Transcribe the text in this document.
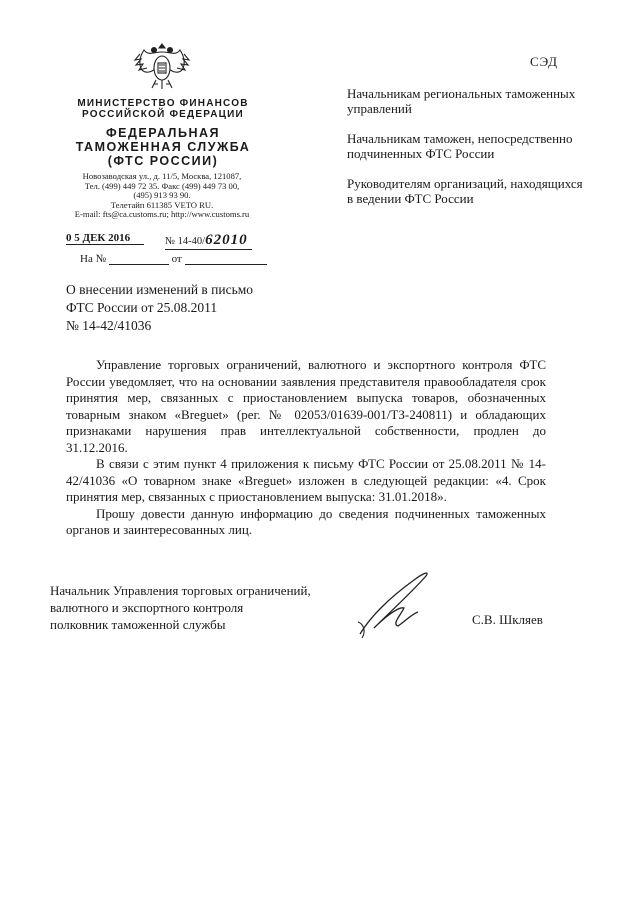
СЭД
МИНИСТЕРСТВО ФИНАНСОВ
РОССИЙСКОЙ ФЕДЕРАЦИИ
ФЕДЕРАЛЬНАЯ
ТАМОЖЕННАЯ СЛУЖБА
(ФТС РОССИИ)
Новозаводская ул., д. 11/5, Москва, 121087,
Тел. (499) 449 72 35. Факс (499) 449 73 00,
(495) 913 93 90.
Телетайп 611385 VETO RU.
E-mail: fts@ca.customs.ru; http://www.customs.ru
0 5 ДЕК 2016	№ 14-40/62010
На №	от
Начальникам региональных таможенных управлений
Начальникам таможен, непосредственно подчиненных ФТС России
Руководителям организаций, находящихся в ведении ФТС России
О внесении изменений в письмо
ФТС России от 25.08.2011
№ 14-42/41036

Управление торговых ограничений, валютного и экспортного контроля ФТС России уведомляет, что на основании заявления представителя правообладателя срок принятия мер, связанных с приостановлением выпуска товаров, обозначенных товарным знаком «Breguet» (рег. № 02053/01639-001/ТЗ-240811) и обладающих признаками нарушения прав интеллектуальной собственности, продлен до 31.12.2016.

В связи с этим пункт 4 приложения к письму ФТС России от 25.08.2011 № 14-42/41036 «О товарном знаке «Breguet» изложен в следующей редакции: «4. Срок принятия мер, связанных с приостановлением выпуска: 31.01.2018».

Прошу довести данную информацию до сведения подчиненных таможенных органов и заинтересованных лиц.

Начальник Управления торговых ограничений,
валютного и экспортного контроля
полковник таможенной службы	С.В. Шкляев
